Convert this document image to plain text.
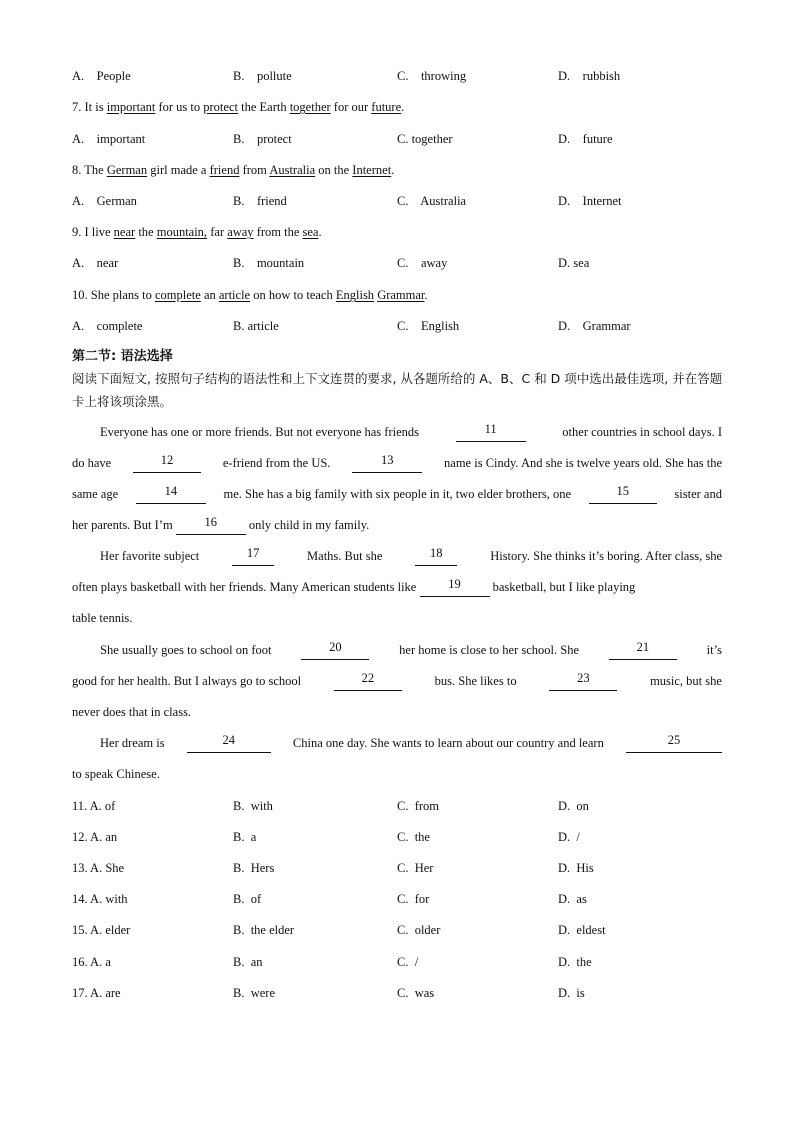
A.    People	B.    pollute	C.    throwing	D.    rubbish
7. It is important for us to protect the Earth together for our future.
A.    important	B.    protect	C. together	D.    future
8. The German girl made a friend from Australia on the Internet.
A.    German	B.    friend	C.    Australia	D.    Internet
9. I live near the mountain, far away from the sea.
A.    near	B.    mountain	C.    away	D. sea
10. She plans to complete an article on how to teach English Grammar.
A.    complete	B. article	C.    English	D.    Grammar
第二节: 语法选择
阅读下面短文, 按照句子结构的语法性和上下文连贯的要求, 从各题所给的 A、B、C 和 D 项中选出最佳选项, 并在答题卡上将该项涂黑。
Everyone has one or more friends. But not everyone has friends	11	other countries in school days. I
do have	12	e-friend from the US.	13	name is Cindy. And she is twelve years old. She has the
same age	14	me. She has a big family with six people in it, two elder brothers, one	15	sister and
her parents. But I’m
	16
	only child in my family.
Her favorite subject	17	Maths. But she	18	History. She thinks it’s boring. After class, she
often plays basketball with her friends. Many American students like
	19
	basketball, but I like playing
table tennis.
She usually goes to school on foot	20	her home is close to her school. She	21	it’s
good for her health. But I always go to school	22	bus. She likes to	23	music, but she
never does that in class.
Her dream is	24	China one day. She wants to learn about our country and learn	25
to speak Chinese.
11. A. of	B.  with	C.  from	D.  on
12. A. an	B.  a	C.  the	D.  /
13. A. She	B.  Hers	C.  Her	D.  His
14. A. with	B.  of	C.  for	D.  as
15. A. elder	B.  the elder	C.  older	D.  eldest
16. A. a	B.  an	C.  /	D.  the
17. A. are	B.  were	C.  was	D.  is
